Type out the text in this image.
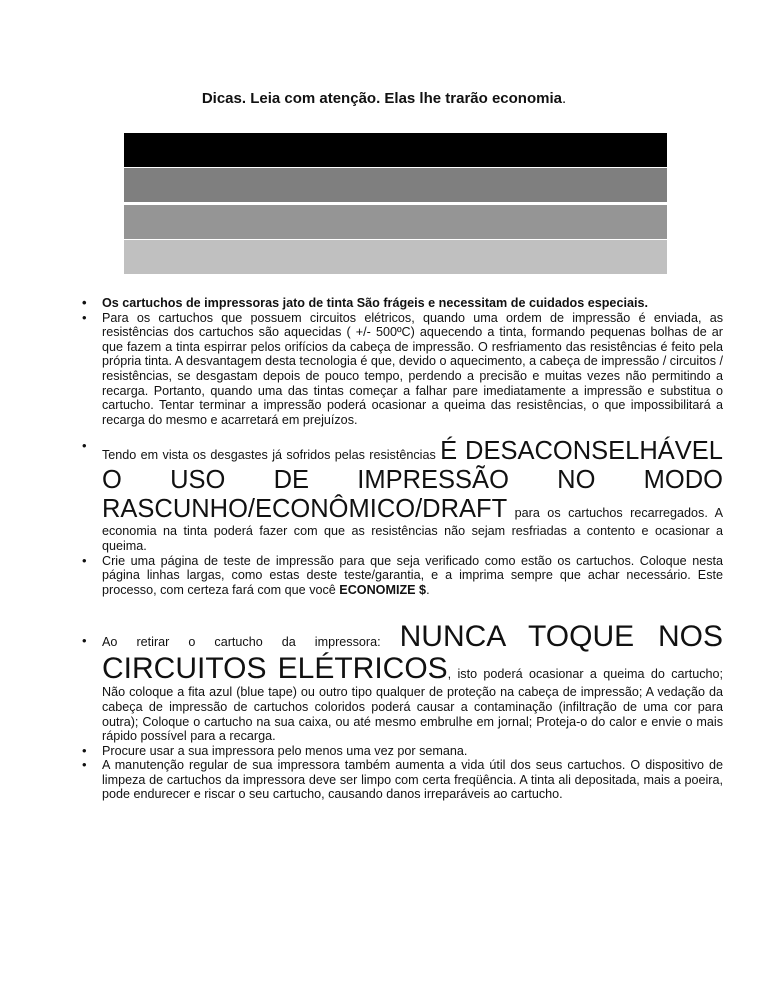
Dicas. Leia com atenção. Elas lhe trarão economia.
• Os cartuchos de impressoras jato de tinta São frágeis e necessitam de cuidados especiais.
• Para os cartuchos que possuem circuitos elétricos, quando uma ordem de impressão é enviada, as resistências dos cartuchos são aquecidas ( +/- 500ºC) aquecendo a tinta, formando pequenas bolhas de ar que fazem a tinta espirrar pelos orifícios da cabeça de impressão. O resfriamento das resistências é feito pela própria tinta. A desvantagem desta tecnologia é que, devido o aquecimento, a cabeça de impressão / circuitos / resistências, se desgastam depois de pouco tempo, perdendo a precisão e muitas vezes não permitindo a recarga. Portanto, quando uma das tintas começar a falhar pare imediatamente a impressão e substitua o cartucho. Tentar terminar a impressão poderá ocasionar a queima das resistências, o que impossibilitará a recarga do mesmo e acarretará em prejuízos.
• Tendo em vista os desgastes já sofridos pelas resistências É DESACONSELHÁVEL O USO DE IMPRESSÃO NO MODO RASCUNHO/ECONÔMICO/DRAFT para os cartuchos recarregados. A economia na tinta poderá fazer com que as resistências não sejam resfriadas a contento e ocasionar a queima.
• Crie uma página de teste de impressão para que seja verificado como estão os cartuchos. Coloque nesta página linhas largas, como estas deste teste/garantia, e a imprima sempre que achar necessário. Este processo, com certeza fará com que você ECONOMIZE $.
• Ao retirar o cartucho da impressora: NUNCA TOQUE NOS CIRCUITOS ELÉTRICOS, isto poderá ocasionar a queima do cartucho; Não coloque a fita azul (blue tape) ou outro tipo qualquer de proteção na cabeça de impressão; A vedação da cabeça de impressão de cartuchos coloridos poderá causar a contaminação (infiltração de uma cor para outra); Coloque o cartucho na sua caixa, ou até mesmo embrulhe em jornal; Proteja-o do calor e envie o mais rápido possível para a recarga.
• Procure usar a sua impressora pelo menos uma vez por semana.
• A manutenção regular de sua impressora também aumenta a vida útil dos seus cartuchos. O dispositivo de limpeza de cartuchos da impressora deve ser limpo com certa freqüência. A tinta ali depositada, mais a poeira, pode endurecer e riscar o seu cartucho, causando danos irreparáveis ao cartucho.
